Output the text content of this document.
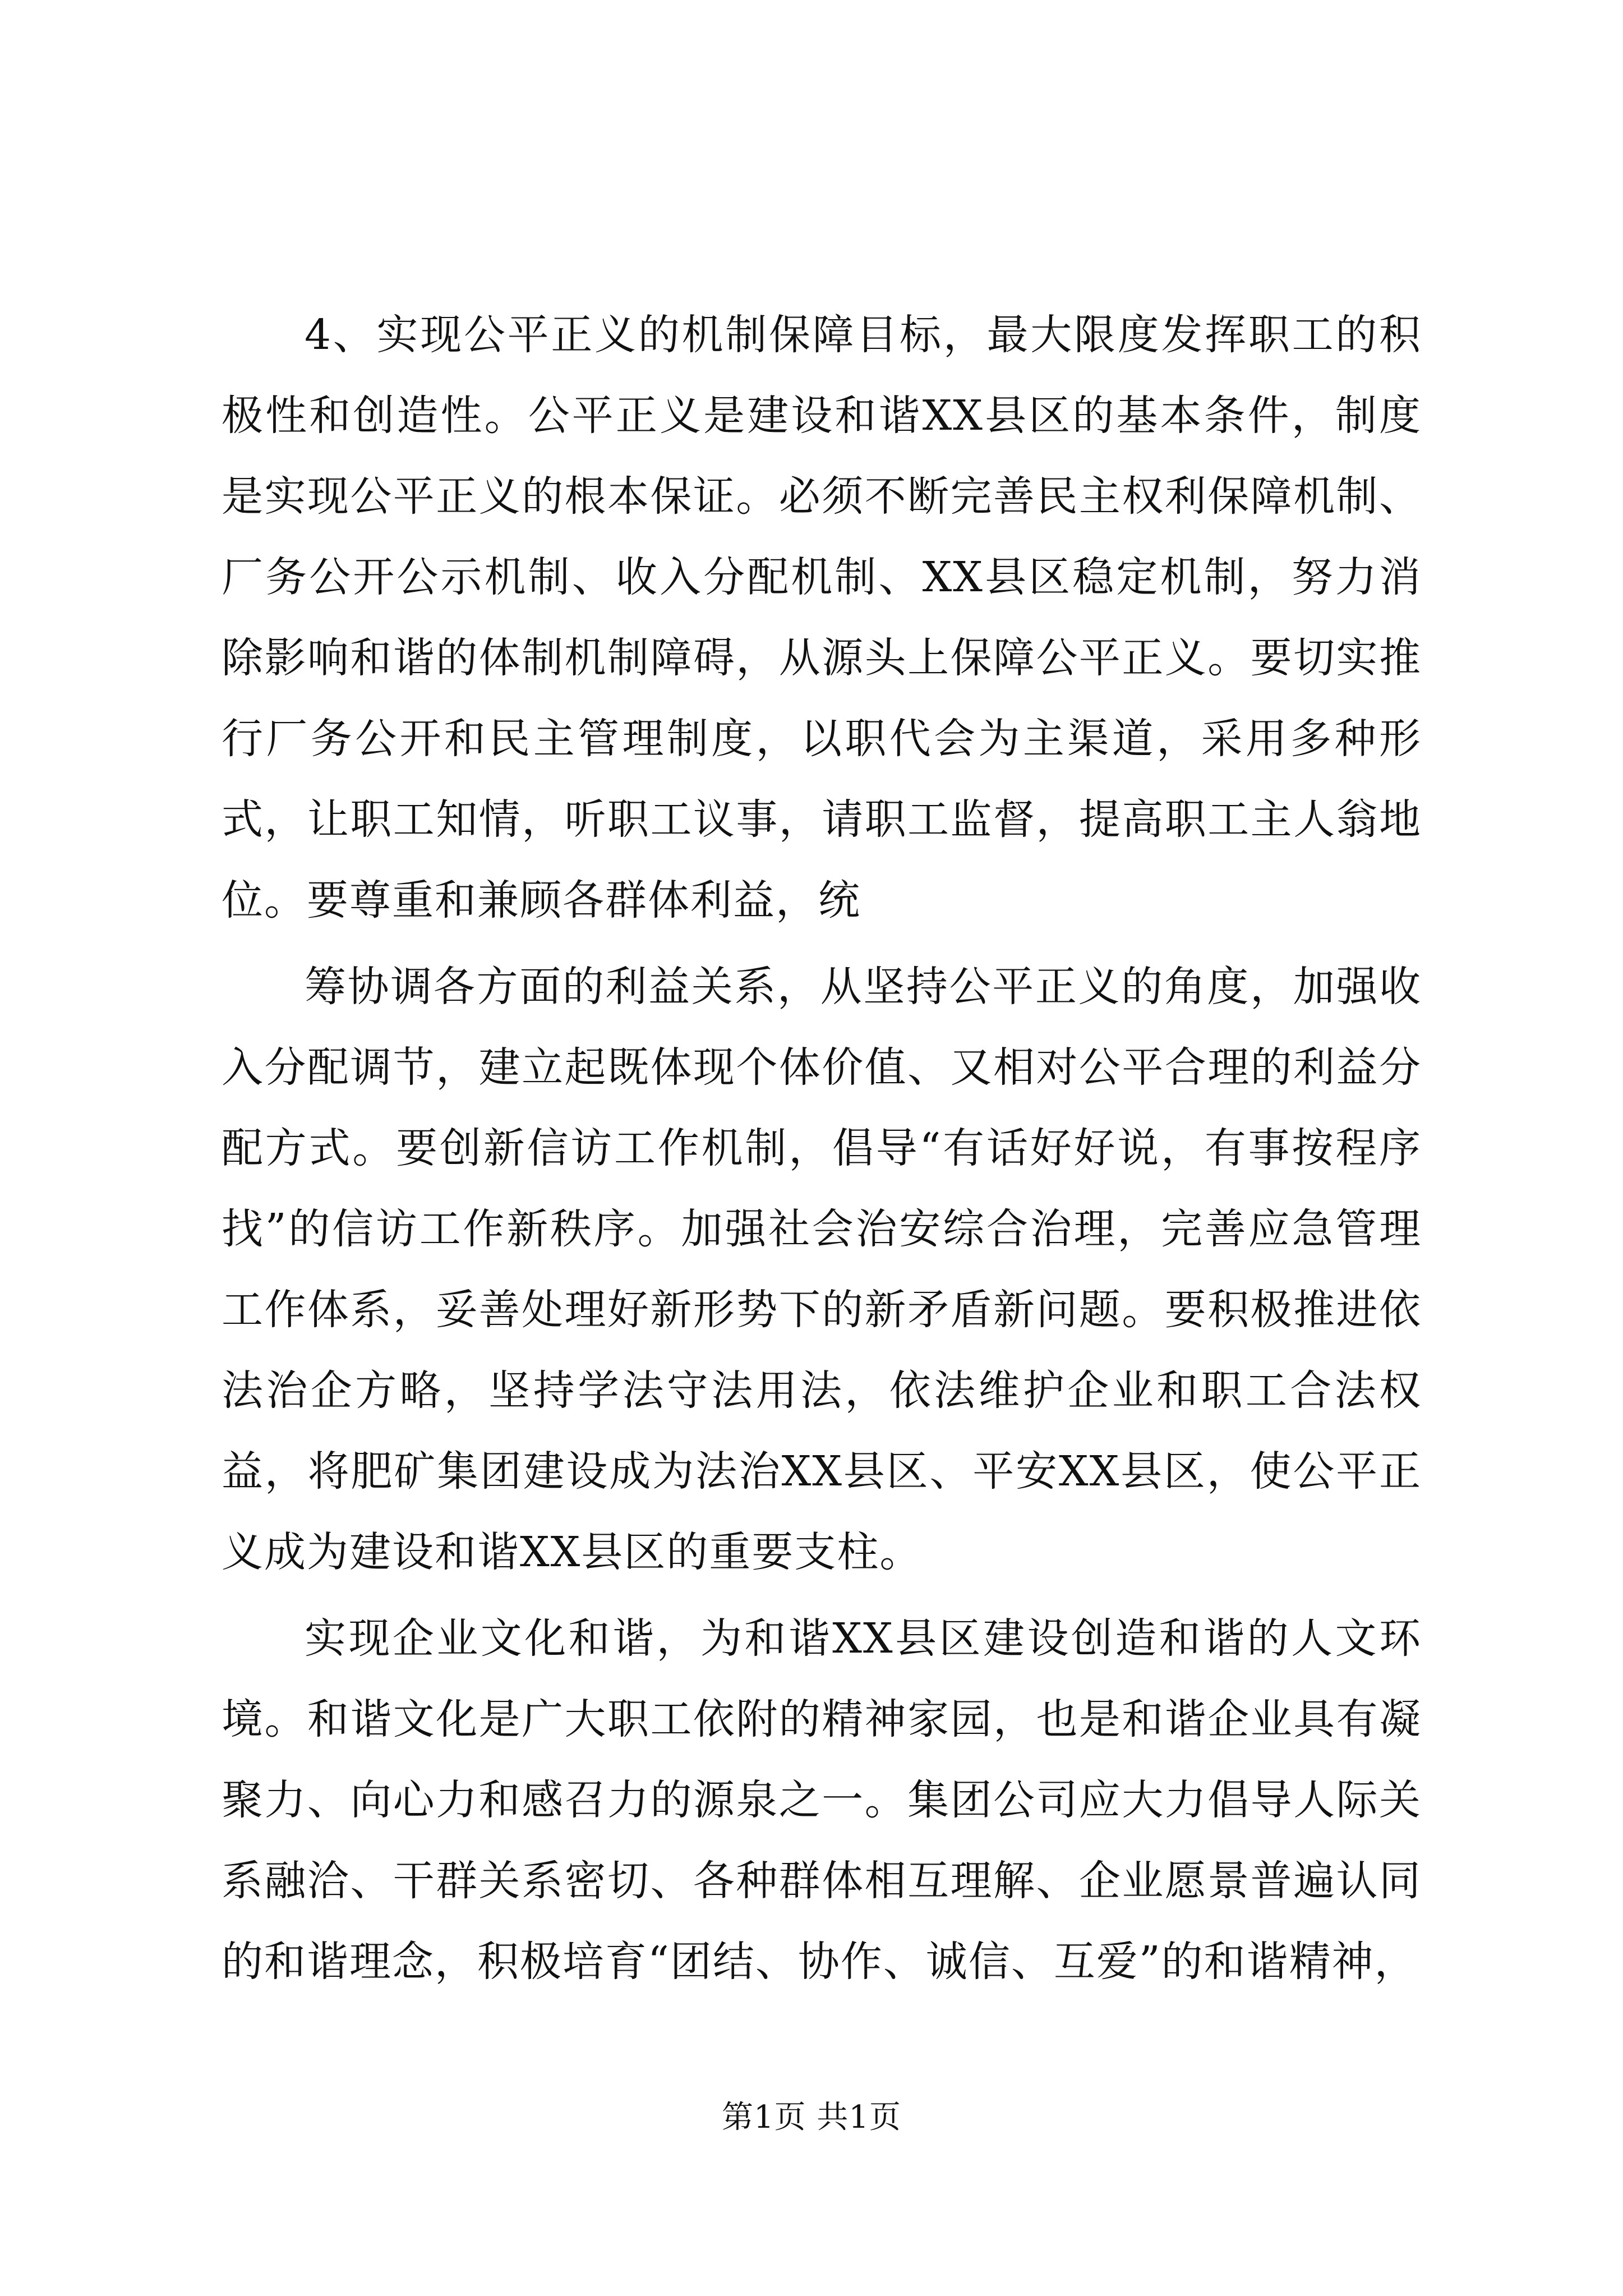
4、实现公平正义的机制保障目标，最大限度发挥职工的积极性和创造性。公平正义是建设和谐XX县区的基本条件，制度是实现公平正义的根本保证。必须不断完善民主权利保障机制、厂务公开公示机制、收入分配机制、XX县区稳定机制，努力消除影响和谐的体制机制障碍，从源头上保障公平正义。要切实推行厂务公开和民主管理制度，以职代会为主渠道，采用多种形式，让职工知情，听职工议事，请职工监督，提高职工主人翁地位。要尊重和兼顾各群体利益，统

筹协调各方面的利益关系，从坚持公平正义的角度，加强收入分配调节，建立起既体现个体价值、又相对公平合理的利益分配方式。要创新信访工作机制，倡导“有话好好说，有事按程序找”的信访工作新秩序。加强社会治安综合治理，完善应急管理工作体系，妥善处理好新形势下的新矛盾新问题。要积极推进依法治企方略，坚持学法守法用法，依法维护企业和职工合法权益，将肥矿集团建设成为法治XX县区、平安XX县区，使公平正义成为建设和谐XX县区的重要支柱。

实现企业文化和谐，为和谐XX县区建设创造和谐的人文环境。和谐文化是广大职工依附的精神家园，也是和谐企业具有凝聚力、向心力和感召力的源泉之一。集团公司应大力倡导人际关系融洽、干群关系密切、各种群体相互理解、企业愿景普遍认同的和谐理念，积极培育“团结、协作、诚信、互爱”的和谐精神，

第1页 共1页
